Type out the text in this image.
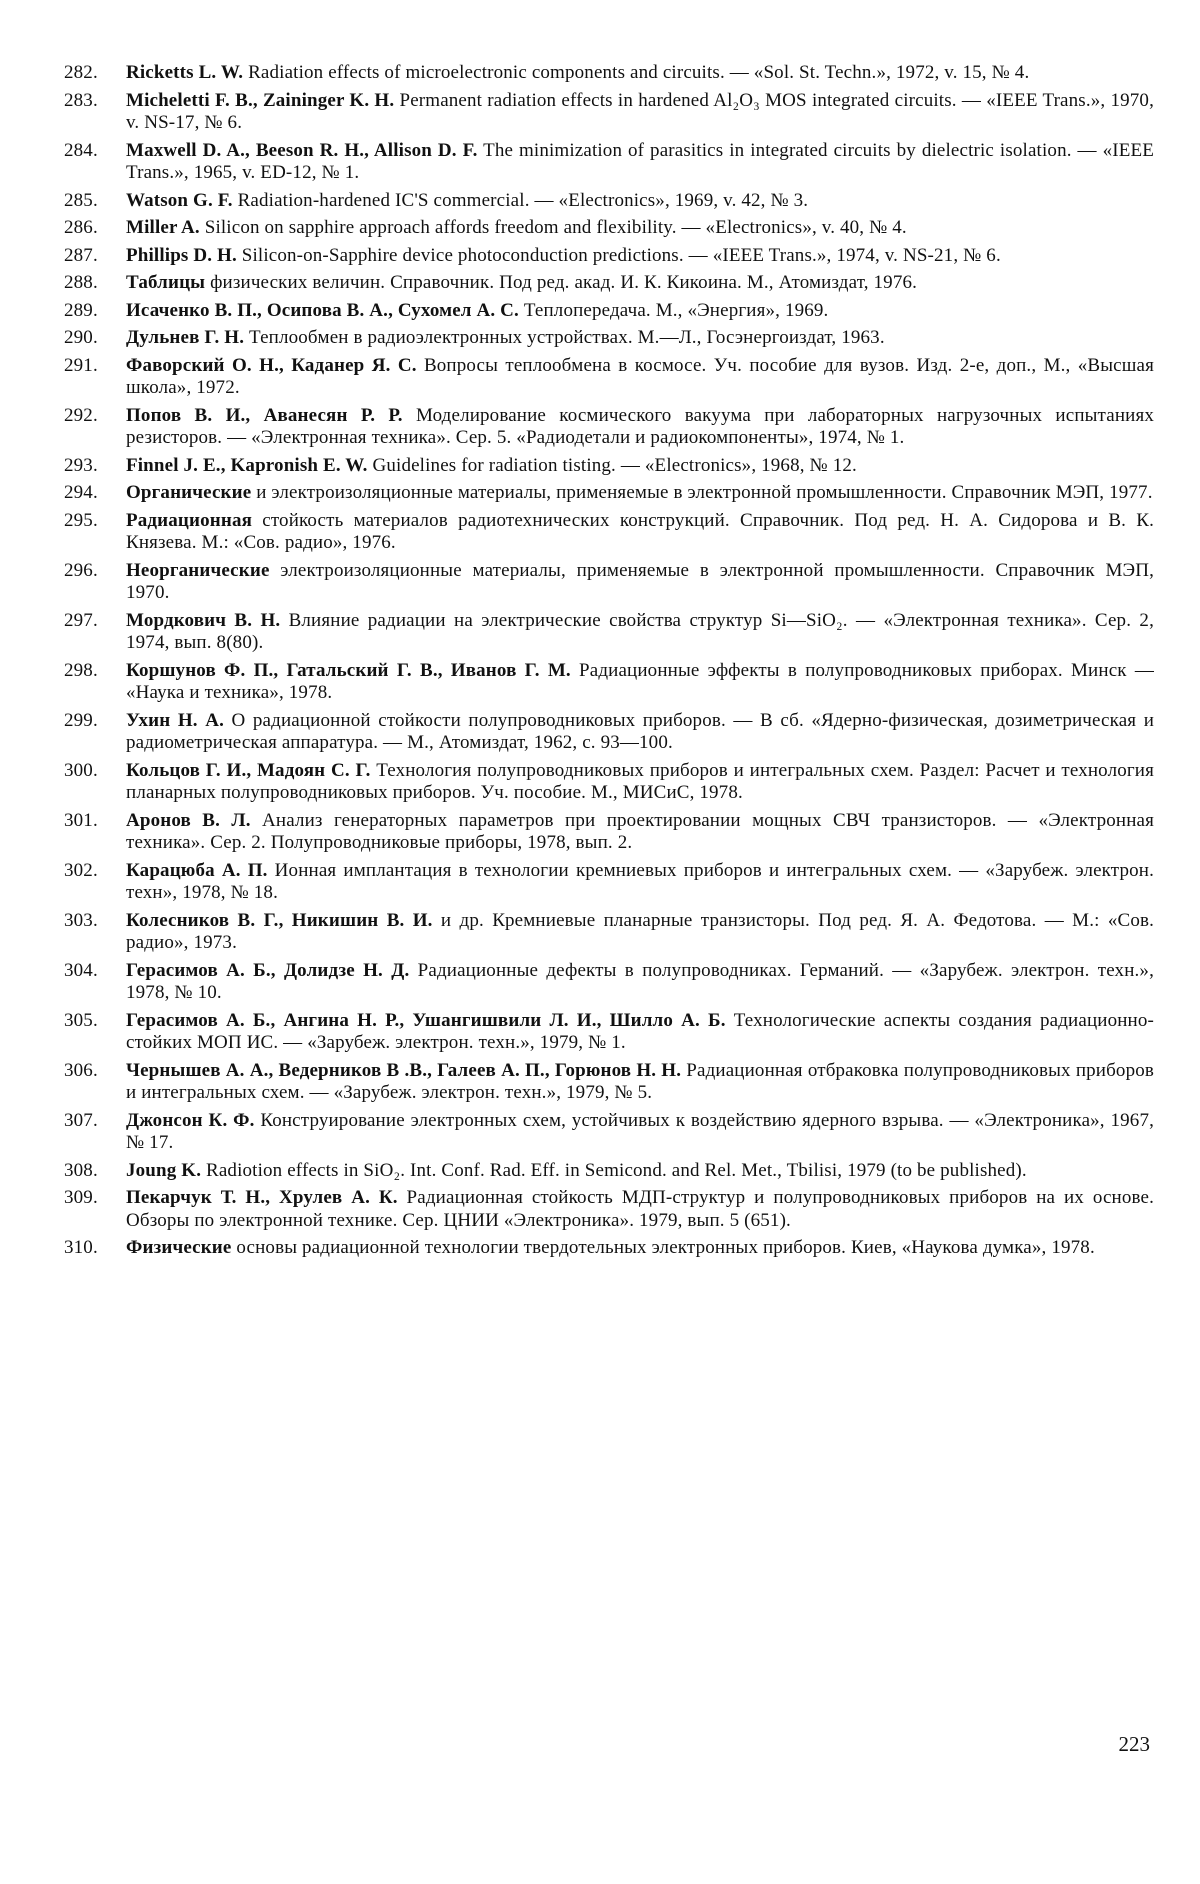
282.	Ricketts L. W. Radiation effects of microelectronic components and circuits. — «Sol. St. Techn.», 1972, v. 15, № 4.
283.	Micheletti F. B., Zaininger K. H. Permanent radiation effects in hardened Al₂O₃ MOS integrated circuits. — «IEEE Trans.», 1970, v. NS-17, № 6.
284.	Maxwell D. A., Beeson R. H., Allison D. F. The minimization of parasitics in integrated circuits by dielectric isolation. — «IEEE Trans.», 1965, v. ED-12, № 1.
285.	Watson G. F. Radiation-hardened IC'S commercial. — «Electronics», 1969, v. 42, № 3.
286.	Miller A. Silicon on sapphire approach affords freedom and flexibility. — «Electronics», v. 40, № 4.
287.	Phillips D. H. Silicon-on-Sapphire device photoconduction predictions. — «IEEE Trans.», 1974, v. NS-21, № 6.
288.	Таблицы физических величин. Справочник. Под ред. акад. И. К. Кикоина. М., Атомиздат, 1976.
289.	Исаченко В. П., Осипова В. А., Сухомел А. С. Теплопередача. М., «Энергия», 1969.
290.	Дульнев Г. Н. Теплообмен в радиоэлектронных устройствах. М.—Л., Госэнергоиздат, 1963.
291.	Фаворский О. Н., Каданер Я. С. Вопросы теплообмена в космосе. Уч. пособие для вузов. Изд. 2-е, доп., М., «Высшая школа», 1972.
292.	Попов В. И., Аванесян Р. Р. Моделирование космического вакуума при лабораторных нагрузочных испытаниях резисторов. — «Электронная техника». Сер. 5. «Радиодетали и радиокомпоненты», 1974, № 1.
293.	Finnel J. E., Kapronish E. W. Guidelines for radiation tisting. — «Electronics», 1968, № 12.
294.	Органические и электроизоляционные материалы, применяемые в электронной промышленности. Справочник МЭП, 1977.
295.	Радиационная стойкость материалов радиотехнических конструкций. Справочник. Под ред. Н. А. Сидорова и В. К. Князева. М.: «Сов. радио», 1976.
296.	Неорганические электроизоляционные материалы, применяемые в электронной промышленности. Справочник МЭП, 1970.
297.	Мордкович В. Н. Влияние радиации на электрические свойства структур Si—SiO₂. — «Электронная техника». Сер. 2, 1974, вып. 8(80).
298.	Коршунов Ф. П., Гатальский Г. В., Иванов Г. М. Радиационные эффекты в полупроводниковых приборах. Минск — «Наука и техника», 1978.
299.	Ухин Н. А. О радиационной стойкости полупроводниковых приборов. — В сб. «Ядерно-физическая, дозиметрическая и радиометрическая аппаратура. — М., Атомиздат, 1962, с. 93—100.
300.	Кольцов Г. И., Мадоян С. Г. Технология полупроводниковых приборов и интегральных схем. Раздел: Расчет и технология планарных полупроводниковых приборов. Уч. пособие. М., МИСиС, 1978.
301.	Аронов В. Л. Анализ генераторных параметров при проектировании мощных СВЧ транзисторов. — «Электронная техника». Сер. 2. Полупроводниковые приборы, 1978, вып. 2.
302.	Карацюба А. П. Ионная имплантация в технологии кремниевых приборов и интегральных схем. — «Зарубеж. электрон. техн», 1978, № 18.
303.	Колесников В. Г., Никишин В. И. и др. Кремниевые планарные транзисторы. Под ред. Я. А. Федотова. — М.: «Сов. радио», 1973.
304.	Герасимов А. Б., Долидзе Н. Д. Радиационные дефекты в полупроводниках. Германий. — «Зарубеж. электрон. техн.», 1978, № 10.
305.	Герасимов А. Б., Ангина Н. Р., Ушангишвили Л. И., Шилло А. Б. Технологические аспекты создания радиационно-стойких МОП ИС. — «Зарубеж. электрон. техн.», 1979, № 1.
306.	Чернышев А. А., Ведерников В .В., Галеев А. П., Горюнов Н. Н. Радиационная отбраковка полупроводниковых приборов и интегральных схем. — «Зарубеж. электрон. техн.», 1979, № 5.
307.	Джонсон К. Ф. Конструирование электронных схем, устойчивых к воздействию ядерного взрыва. — «Электроника», 1967, № 17.
308.	Joung K. Radiotion effects in SiO₂. Int. Conf. Rad. Eff. in Semicond. and Rel. Met., Tbilisi, 1979 (to be published).
309.	Пекарчук Т. Н., Хрулев А. К. Радиационная стойкость МДП-структур и полупроводниковых приборов на их основе. Обзоры по электронной технике. Сер. ЦНИИ «Электроника». 1979, вып. 5 (651).
310.	Физические основы радиационной технологии твердотельных электронных приборов. Киев, «Наукова думка», 1978.
223
